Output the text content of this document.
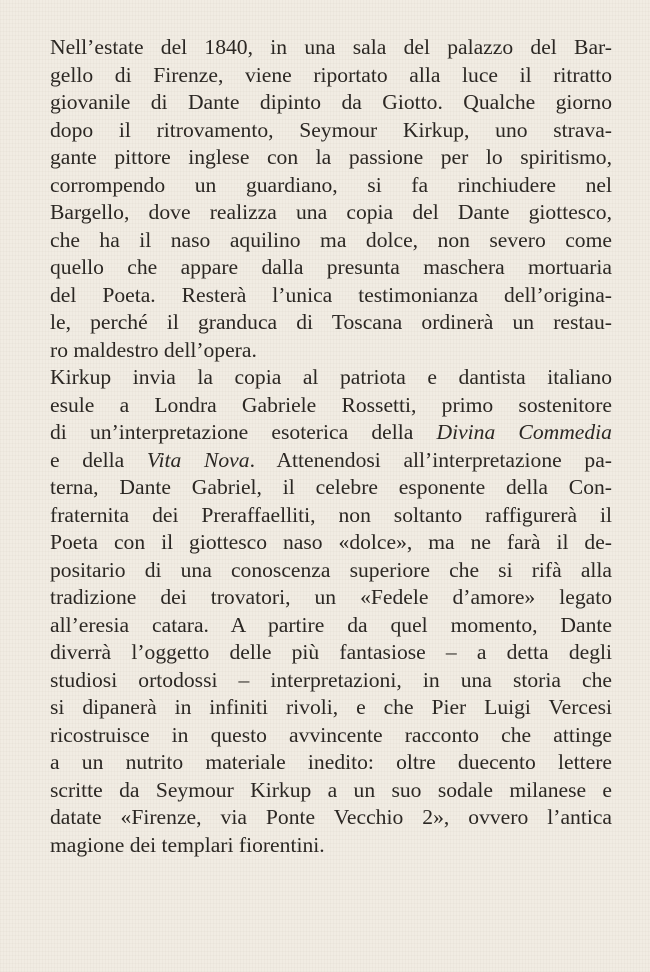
Nell’estate del 1840, in una sala del palazzo del Bar-
gello di Firenze, viene riportato alla luce il ritratto
giovanile di Dante dipinto da Giotto. Qualche giorno
dopo il ritrovamento, Seymour Kirkup, uno strava-
gante pittore inglese con la passione per lo spiritismo,
corrompendo un guardiano, si fa rinchiudere nel
Bargello, dove realizza una copia del Dante giottesco,
che ha il naso aquilino ma dolce, non severo come
quello che appare dalla presunta maschera mortuaria
del Poeta. Resterà l’unica testimonianza dell’origina-
le, perché il granduca di Toscana ordinerà un restau-
ro maldestro dell’opera.
Kirkup invia la copia al patriota e dantista italiano
esule a Londra Gabriele Rossetti, primo sostenitore
di un’interpretazione esoterica della Divina Commedia
e della Vita Nova. Attenendosi all’interpretazione pa-
terna, Dante Gabriel, il celebre esponente della Con-
fraternita dei Preraffaelliti, non soltanto raffigurerà il
Poeta con il giottesco naso «dolce», ma ne farà il de-
positario di una conoscenza superiore che si rifà alla
tradizione dei trovatori, un «Fedele d’amore» legato
all’eresia catara. A partire da quel momento, Dante
diverrà l’oggetto delle più fantasiose – a detta degli
studiosi ortodossi – interpretazioni, in una storia che
si dipanerà in infiniti rivoli, e che Pier Luigi Vercesi
ricostruisce in questo avvincente racconto che attinge
a un nutrito materiale inedito: oltre duecento lettere
scritte da Seymour Kirkup a un suo sodale milanese e
datate «Firenze, via Ponte Vecchio 2», ovvero l’antica
magione dei templari fiorentini.
